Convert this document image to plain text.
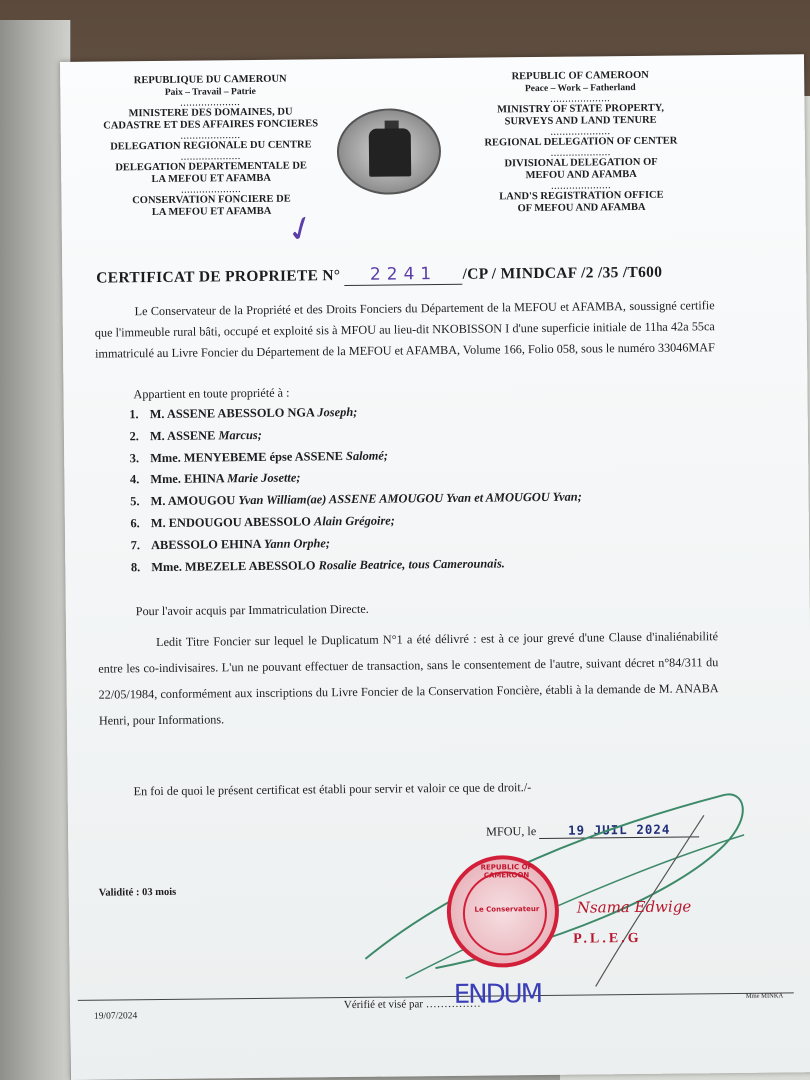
REPUBLIQUE DU CAMEROUN
Paix – Travail – Patrie
....................
MINISTERE DES DOMAINES, DU
CADASTRE ET DES AFFAIRES FONCIERES
....................
DELEGATION REGIONALE DU CENTRE
....................
DELEGATION DEPARTEMENTALE DE
LA MEFOU ET AFAMBA
....................
CONSERVATION FONCIERE DE
LA MEFOU ET AFAMBA
REPUBLIC OF CAMEROON
Peace – Work – Fatherland
....................
MINISTRY OF STATE PROPERTY,
SURVEYS AND LAND TENURE
....................
REGIONAL DELEGATION OF CENTER
....................
DIVISIONAL DELEGATION OF
MEFOU AND AFAMBA
....................
LAND'S REGISTRATION OFFICE
OF MEFOU AND AFAMBA
✓
CERTIFICAT DE PROPRIETE N° 2241 /CP / MINDCAF /2 /35 /T600
Le Conservateur de la Propriété et des Droits Fonciers du Département de la MEFOU et AFAMBA, soussigné certifie que l'immeuble rural bâti, occupé et exploité sis à MFOU au lieu-dit NKOBISSON I d'une superficie initiale de 11ha 42a 55ca immatriculé au Livre Foncier du Département de la MEFOU et AFAMBA, Volume 166, Folio 058, sous le numéro 33046MAF
Appartient en toute propriété à :
1. M. ASSENE ABESSOLO NGA Joseph;
2. M. ASSENE Marcus;
3. Mme. MENYEBEME épse ASSENE Salomé;
4. Mme. EHINA Marie Josette;
5. M. AMOUGOU Yvan William(ae) ASSENE AMOUGOU Yvan et AMOUGOU Yvan;
6. M. ENDOUGOU ABESSOLO Alain Grégoire;
7. ABESSOLO EHINA Yann Orphe;
8. Mme. MBEZELE ABESSOLO Rosalie Beatrice, tous Camerounais.
Pour l'avoir acquis par Immatriculation Directe.
Ledit Titre Foncier sur lequel le Duplicatum N°1 a été délivré : est à ce jour grevé d'une Clause d'inaliénabilité entre les co-indivisaires. L'un ne pouvant effectuer de transaction, sans le consentement de l'autre, suivant décret n°84/311 du 22/05/1984, conformément aux inscriptions du Livre Foncier de la Conservation Foncière, établi à la demande de M. ANABA Henri, pour Informations.
En foi de quoi le présent certificat est établi pour servir et valoir ce que de droit./-
MFOU, le	19 JUIL 2024
Validité : 03 mois
REPUBLIC OF CAMEROON
Le Conservateur	Nsama Edwige
P.L.E.G
19/07/2024
Vérifié et visé par ……………
ENDUM	Mme MINKA
